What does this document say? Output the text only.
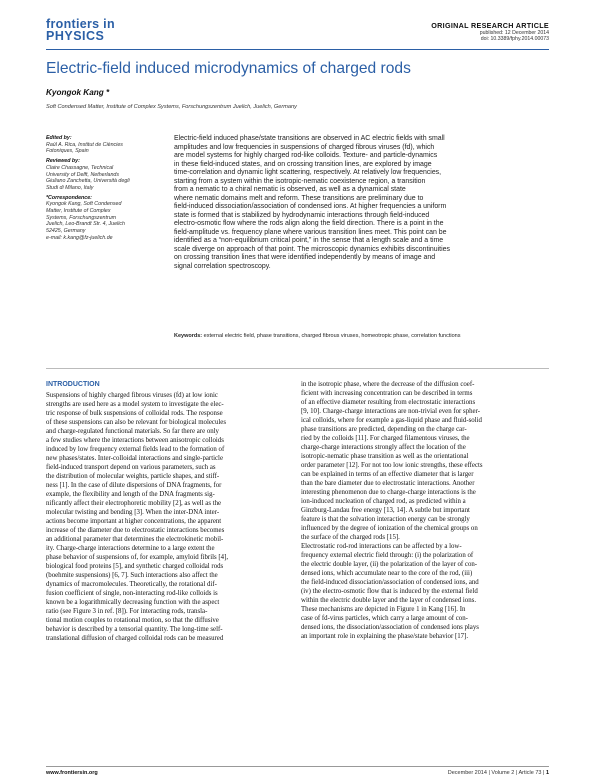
frontiers in
PHYSICS
ORIGINAL RESEARCH ARTICLE
published: 12 December 2014
doi: 10.3389/fphy.2014.00073
Electric-field induced microdynamics of charged rods
Kyongok Kang *
Soft Condensed Matter, Institute of Complex Systems, Forschungszentrum Juelich, Juelich, Germany
Edited by:
Raúl A. Rica, Institut de Ciències
Fotoniques, Spain
Reviewed by:
Claire Chassagne, Technical
University of Delft, Netherlands
Giuliano Zanchetta, Università degli
Studi di Milano, Italy
*Correspondence:
Kyongok Kang, Soft Condensed
Matter, Institute of Complex
Systems, Forschungszentrum
Juelich, Leo-Brandt Str. 4, Juelich
52425, Germany
e-mail: k.kang@fz-juelich.de
Electric-field induced phase/state transitions are observed in AC electric fields with small
amplitudes and low frequencies in suspensions of charged fibrous viruses (fd), which
are model systems for highly charged rod-like colloids. Texture- and particle-dynamics
in these field-induced states, and on crossing transition lines, are explored by image
time-correlation and dynamic light scattering, respectively. At relatively low frequencies,
starting from a system within the isotropic-nematic coexistence region, a transition
from a nematic to a chiral nematic is observed, as well as a dynamical state
where nematic domains melt and reform. These transitions are preliminary due to
field-induced dissociation/association of condensed ions. At higher frequencies a uniform
state is formed that is stabilized by hydrodynamic interactions through field-induced
electro-osmotic flow where the rods align along the field direction. There is a point in the
field-amplitude vs. frequency plane where various transition lines meet. This point can be
identified as a “non-equilibrium critical point,” in the sense that a length scale and a time
scale diverge on approach of that point. The microscopic dynamics exhibits discontinuities
on crossing transition lines that were identified independently by means of image and
signal correlation spectroscopy.
Keywords: external electric field, phase transitions, charged fibrous viruses, homeotropic phase, correlation functions
INTRODUCTION
Suspensions of highly charged fibrous viruses (fd) at low ionic
strengths are used here as a model system to investigate the elec-
tric response of bulk suspensions of colloidal rods. The response
of these suspensions can also be relevant for biological molecules
and charge-regulated functional materials. So far there are only
a few studies where the interactions between anisotropic colloids
induced by low frequency external fields lead to the formation of
new phases/states. Inter-colloidal interactions and single-particle
field-induced transport depend on various parameters, such as
the distribution of molecular weights, particle shapes, and stiff-
ness [1]. In the case of dilute dispersions of DNA fragments, for
example, the flexibility and length of the DNA fragments sig-
nificantly affect their electrophoretic mobility [2], as well as the
molecular twisting and bending [3]. When the inter-DNA inter-
actions become important at higher concentrations, the apparent
increase of the diameter due to electrostatic interactions becomes
an additional parameter that determines the electrokinetic mobil-
ity. Charge-charge interactions determine to a large extent the
phase behavior of suspensions of, for example, amyloid fibrils [4],
biological food proteins [5], and synthetic charged colloidal rods
(boehmite suspensions) [6, 7]. Such interactions also affect the
dynamics of macromolecules. Theoretically, the rotational dif-
fusion coefficient of single, non-interacting rod-like colloids is
known be a logarithmically decreasing function with the aspect
ratio (see Figure 3 in ref. [8]). For interacting rods, transla-
tional motion couples to rotational motion, so that the diffusive
behavior is described by a tensorial quantity. The long-time self-
translational diffusion of charged colloidal rods can be measured
in the isotropic phase, where the decrease of the diffusion coef-
ficient with increasing concentration can be described in terms
of an effective diameter resulting from electrostatic interactions
[9, 10]. Charge-charge interactions are non-trivial even for spher-
ical colloids, where for example a gas-liquid phase and fluid-solid
phase transitions are predicted, depending on the charge car-
ried by the colloids [11]. For charged filamentous viruses, the
charge-charge interactions strongly affect the location of the
isotropic-nematic phase transition as well as the orientational
order parameter [12]. For not too low ionic strengths, these effects
can be explained in terms of an effective diameter that is larger
than the bare diameter due to electrostatic interactions. Another
interesting phenomenon due to charge-charge interactions is the
ion-induced nucleation of charged rod, as predicted within a
Ginzburg-Landau free energy [13, 14]. A subtle but important
feature is that the solvation interaction energy can be strongly
influenced by the degree of ionization of the chemical groups on
the surface of the charged rods [15].
Electrostatic rod-rod interactions can be affected by a low-
frequency external electric field through: (i) the polarization of
the electric double layer, (ii) the polarization of the layer of con-
densed ions, which accumulate near to the core of the rod, (iii)
the field-induced dissociation/association of condensed ions, and
(iv) the electro-osmotic flow that is induced by the external field
within the electric double layer and the layer of condensed ions.
These mechanisms are depicted in Figure 1 in Kang [16]. In
case of fd-virus particles, which carry a large amount of con-
densed ions, the dissociation/association of condensed ions plays
an important role in explaining the phase/state behavior [17].
www.frontiersin.org	December 2014 | Volume 2 | Article 73 | 1
